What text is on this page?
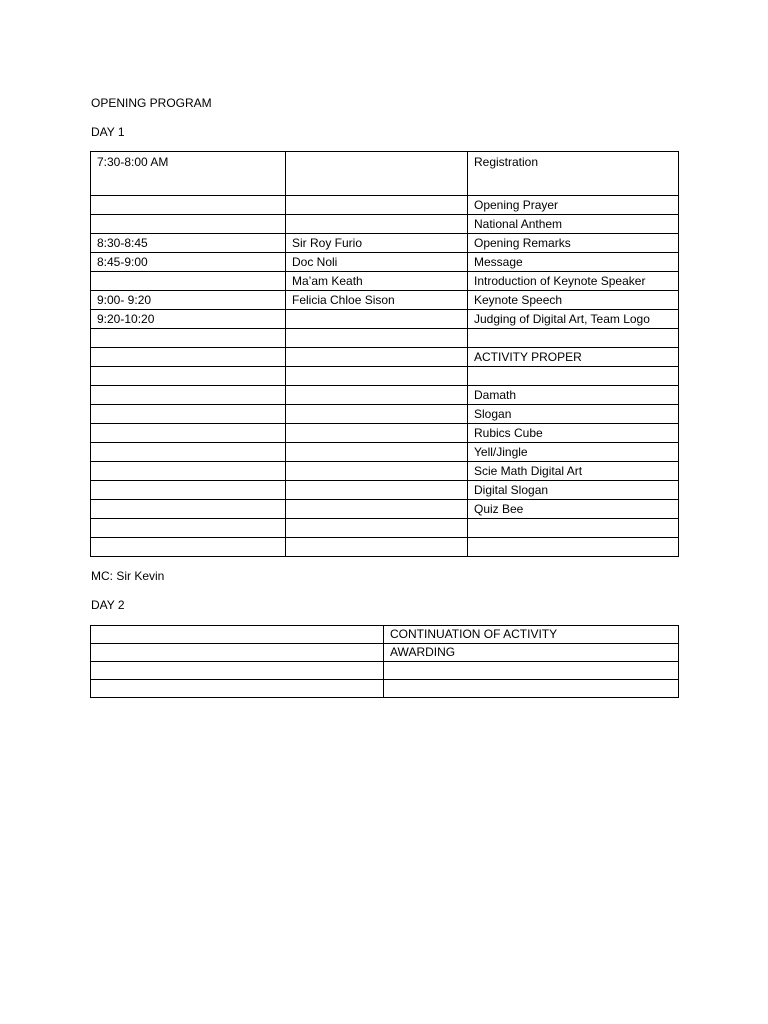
OPENING PROGRAM

DAY 1

7:30-8:00 AM		Registration
		Opening Prayer
		National Anthem
8:30-8:45	Sir Roy Furio	Opening Remarks
8:45-9:00	Doc Noli	Message
	Ma’am Keath	Introduction of Keynote Speaker
9:00- 9:20	Felicia Chloe Sison	Keynote Speech
9:20-10:20		Judging of Digital Art, Team Logo

		ACTIVITY PROPER

		Damath
		Slogan
		Rubics Cube
		Yell/Jingle
		Scie Math Digital Art
		Digital Slogan
		Quiz Bee

MC: Sir Kevin

DAY 2

	CONTINUATION OF ACTIVITY
	AWARDING
